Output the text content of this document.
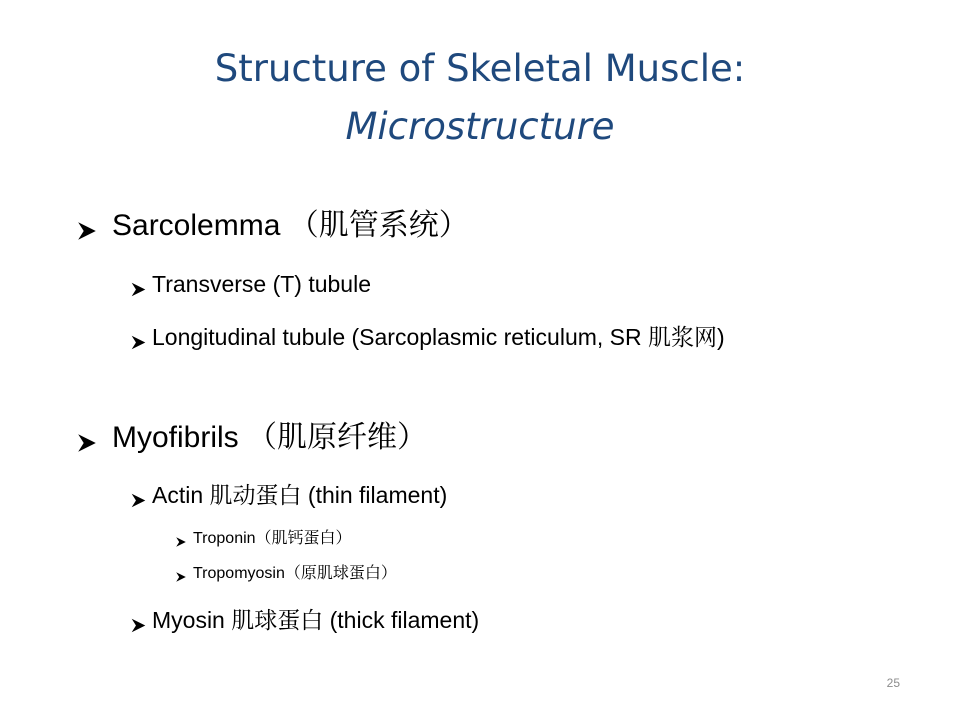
Structure of Skeletal Muscle:
Microstructure
Sarcolemma （肌管系统）
Transverse (T) tubule
Longitudinal tubule (Sarcoplasmic reticulum, SR 肌浆网)
Myofibrils （肌原纤维）
Actin 肌动蛋白 (thin filament)
Troponin（肌钙蛋白）
Tropomyosin（原肌球蛋白）
Myosin 肌球蛋白 (thick filament)
25
